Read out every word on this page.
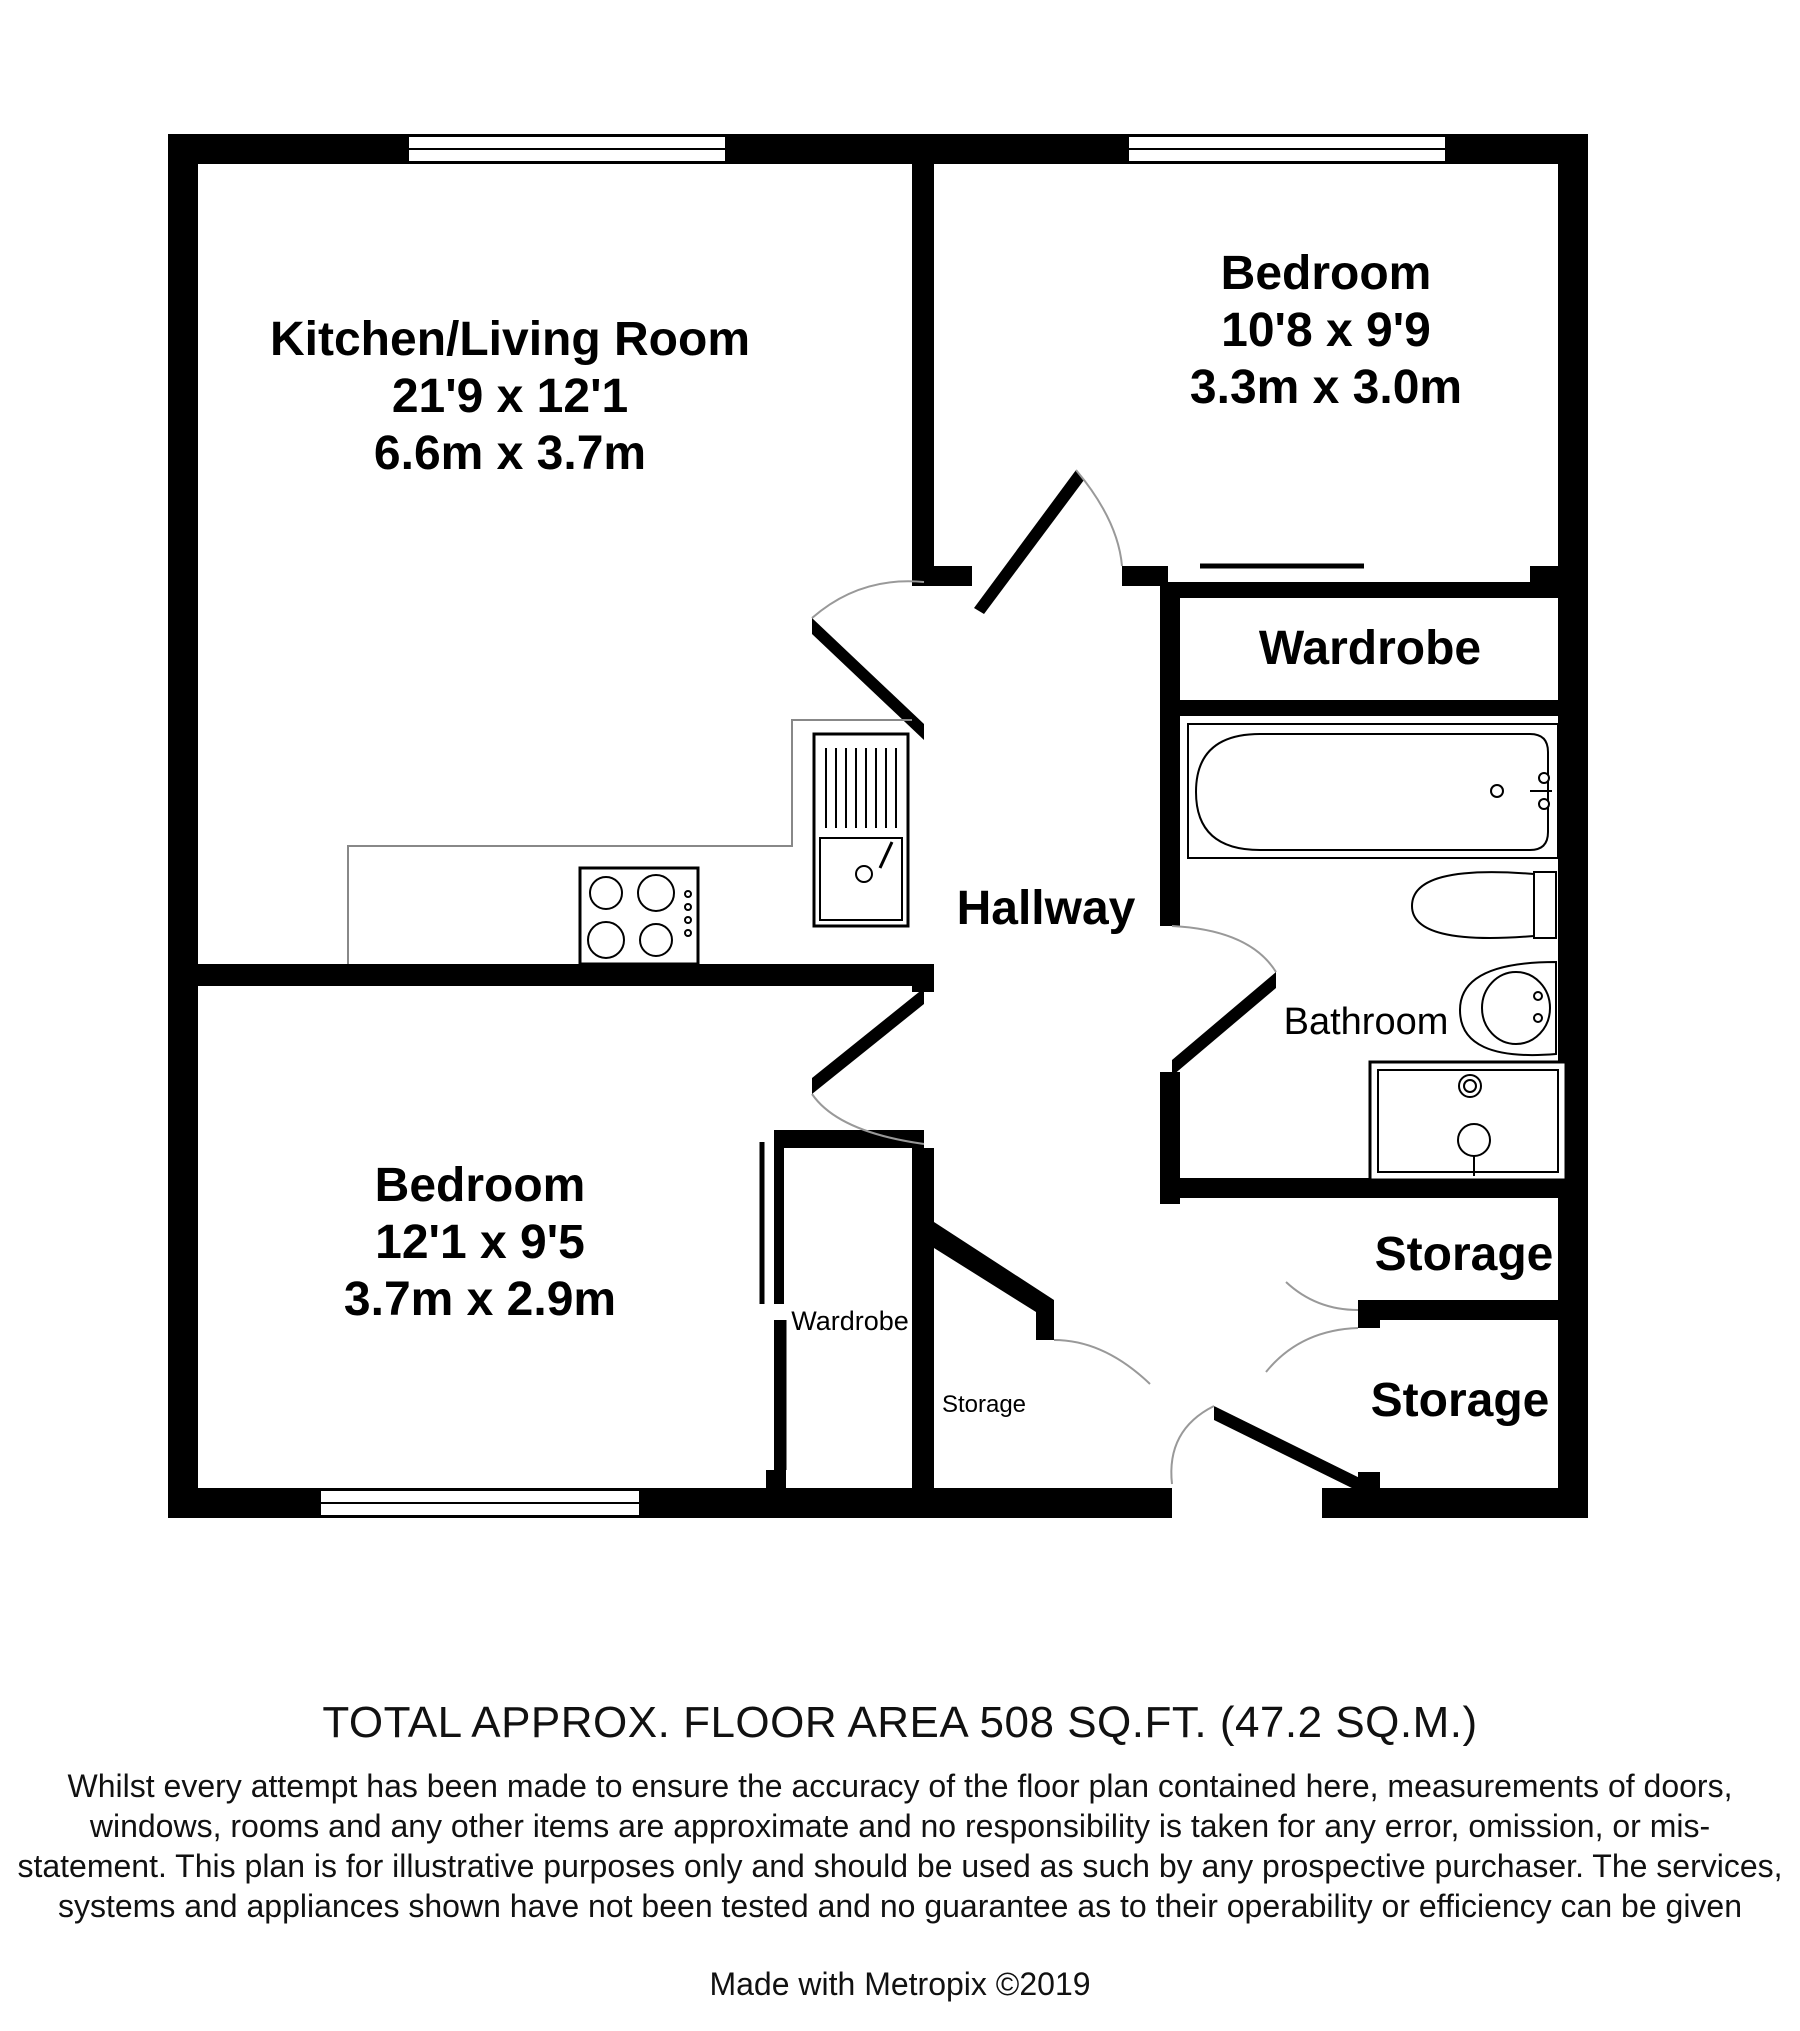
Kitchen/Living Room
21'9 x 12'1
6.6m x 3.7m
Bedroom
10'8 x 9'9
3.3m x 3.0m
Hallway
Wardrobe
Bathroom
Bedroom
12'1 x 9'5
3.7m x 2.9m	Wardrobe
Storage
Storage
Storage
TOTAL APPROX. FLOOR AREA 508 SQ.FT. (47.2 SQ.M.)
Whilst every attempt has been made to ensure the accuracy of the floor plan contained here, measurements of doors, windows, rooms and any other items are approximate and no responsibility is taken for any error, omission, or mis-statement. This plan is for illustrative purposes only and should be used as such by any prospective purchaser. The services, systems and appliances shown have not been tested and no guarantee as to their operability or efficiency can be given
Made with Metropix ©2019
